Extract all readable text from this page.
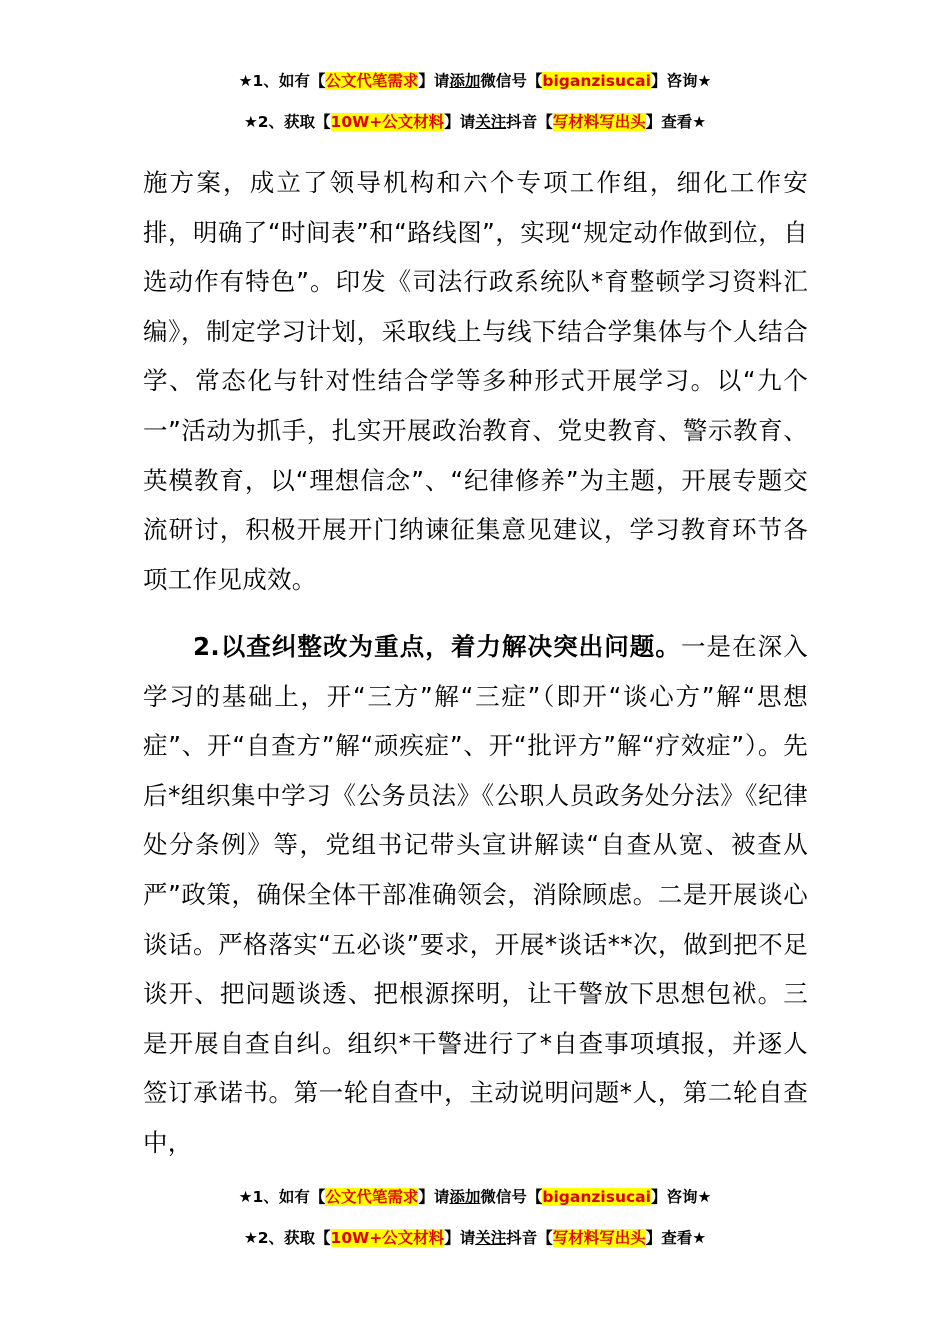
★1、如有【公文代笔需求】请添加微信号【biganzisucai】咨询★
★2、获取【10W+公文材料】请关注抖音【写材料写出头】查看★

施方案，成立了领导机构和六个专项工作组，细化工作安排，明确了“时间表”和“路线图”，实现“规定动作做到位，自选动作有特色”。印发《司法行政系统队*育整顿学习资料汇编》，制定学习计划，采取线上与线下结合学集体与个人结合学、常态化与针对性结合学等多种形式开展学习。以“九个一”活动为抓手，扎实开展政治教育、党史教育、警示教育、英模教育，以“理想信念”、“纪律修养”为主题，开展专题交流研讨，积极开展开门纳谏征集意见建议，学习教育环节各项工作见成效。

2.以查纠整改为重点，着力解决突出问题。一是在深入学习的基础上，开“三方”解“三症”（即开“谈心方”解“思想症”、开“自查方”解“顽疾症”、开“批评方”解“疗效症”）。先后*组织集中学习《公务员法》《公职人员政务处分法》《纪律处分条例》等，党组书记带头宣讲解读“自查从宽、被查从严”政策，确保全体干部准确领会，消除顾虑。二是开展谈心谈话。严格落实“五必谈”要求，开展*谈话**次，做到把不足谈开、把问题谈透、把根源探明，让干警放下思想包袱。三是开展自查自纠。组织*干警进行了*自查事项填报，并逐人签订承诺书。第一轮自查中，主动说明问题*人，第二轮自查中，

★1、如有【公文代笔需求】请添加微信号【biganzisucai】咨询★
★2、获取【10W+公文材料】请关注抖音【写材料写出头】查看★
